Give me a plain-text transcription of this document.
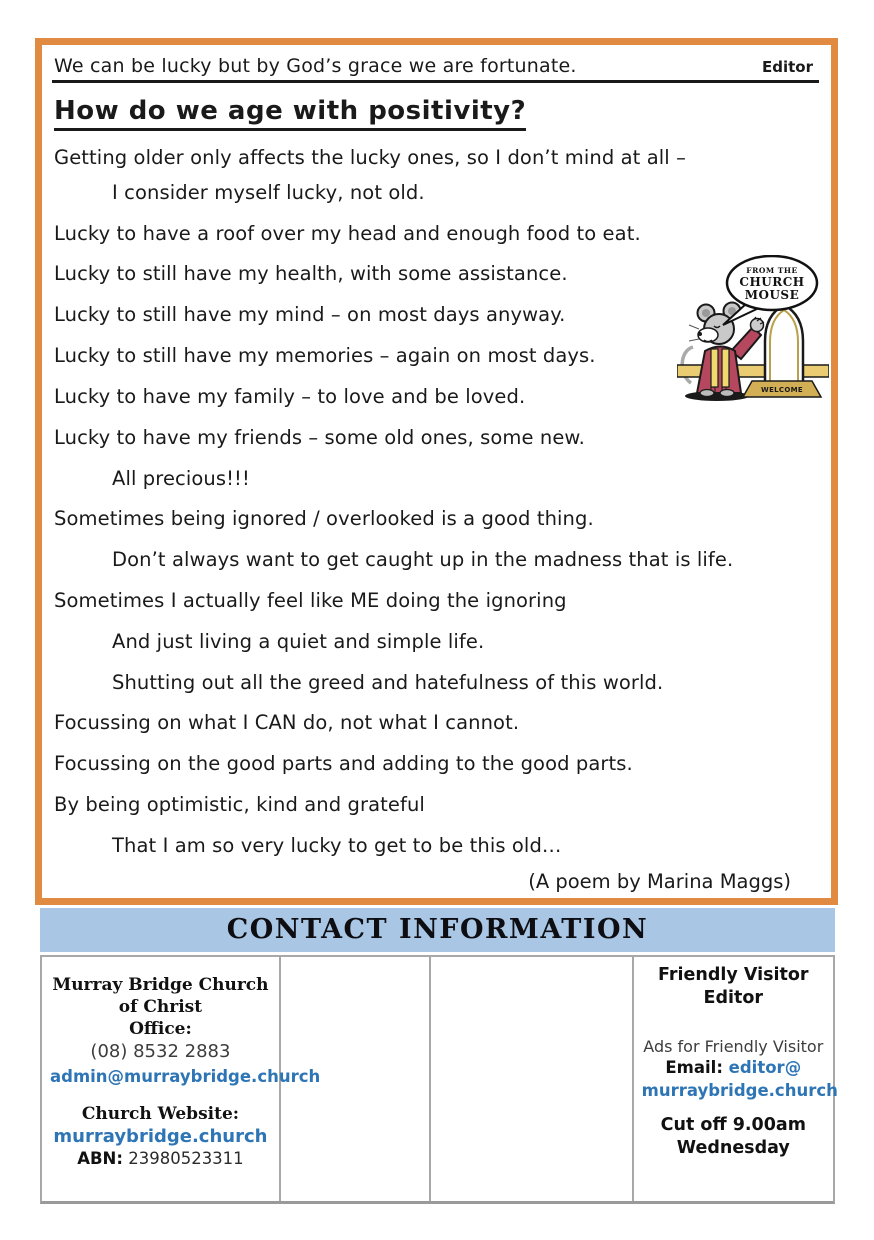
We can be lucky but by God’s grace we are fortunate.	Editor
How do we age with positivity?

Getting older only affects the lucky ones, so I don’t mind at all –

I consider myself lucky, not old.

Lucky to have a roof over my head and enough food to eat.

Lucky to still have my health, with some assistance.

Lucky to still have my mind – on most days anyway.

Lucky to still have my memories – again on most days.

Lucky to have my family – to love and be loved.

Lucky to have my friends – some old ones, some new.

All precious!!!

Sometimes being ignored / overlooked is a good thing.

Don’t always want to get caught up in the madness that is life.

Sometimes I actually feel like ME doing the ignoring

And just living a quiet and simple life.

Shutting out all the greed and hatefulness of this world.

Focussing on what I CAN do, not what I cannot.

Focussing on the good parts and adding to the good parts.

By being optimistic, kind and grateful

That I am so very lucky to get to be this old…

(A poem by Marina Maggs)
WELCOME
FROM THE
CHURCH
MOUSE
CONTACT INFORMATION
Murray Bridge Church of Christ
Office:
(08) 8532 2883
admin@murraybridge.church
Church Website:
murraybridge.church
ABN: 23980523311
Friendly Visitor
Editor
Ads for Friendly Visitor
Email: editor@
murraybridge.church
Cut off 9.00am
Wednesday
